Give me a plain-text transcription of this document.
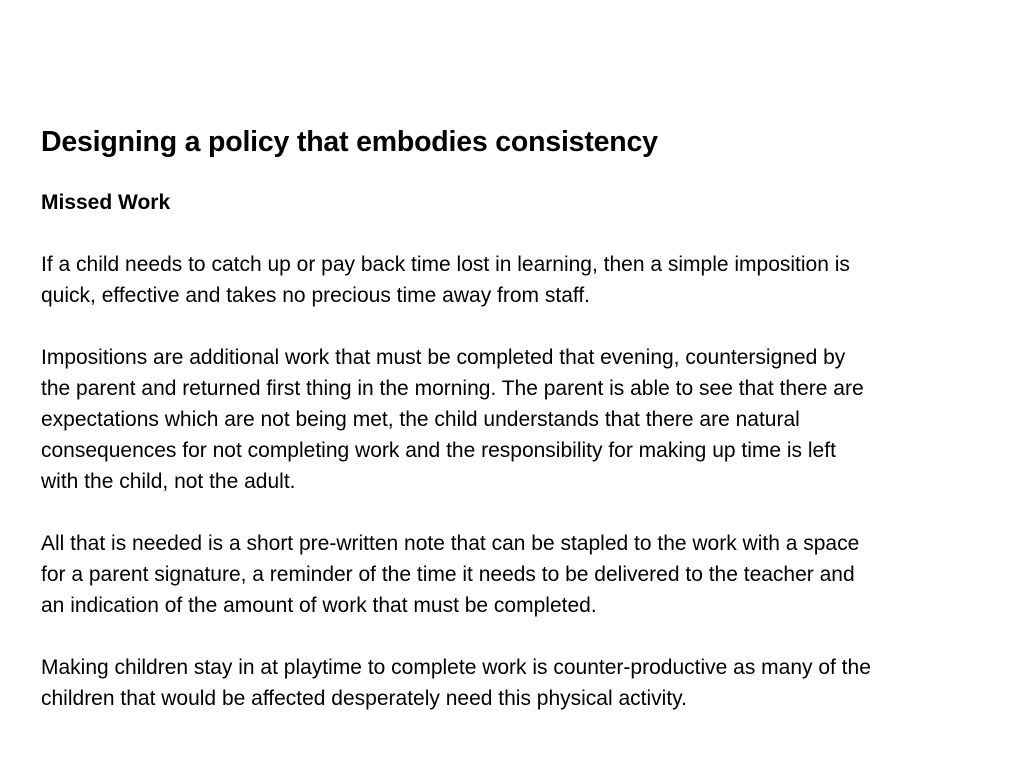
Designing a policy that embodies consistency
Missed Work

If a child needs to catch up or pay back time lost in learning, then a simple imposition is
quick, effective and takes no precious time away from staff.

Impositions are additional work that must be completed that evening, countersigned by
the parent and returned first thing in the morning. The parent is able to see that there are
expectations which are not being met, the child understands that there are natural
consequences for not completing work and the responsibility for making up time is left
with the child, not the adult.

All that is needed is a short pre-written note that can be stapled to the work with a space
for a parent signature, a reminder of the time it needs to be delivered to the teacher and
an indication of the amount of work that must be completed.

Making children stay in at playtime to complete work is counter-productive as many of the
children that would be affected desperately need this physical activity.
